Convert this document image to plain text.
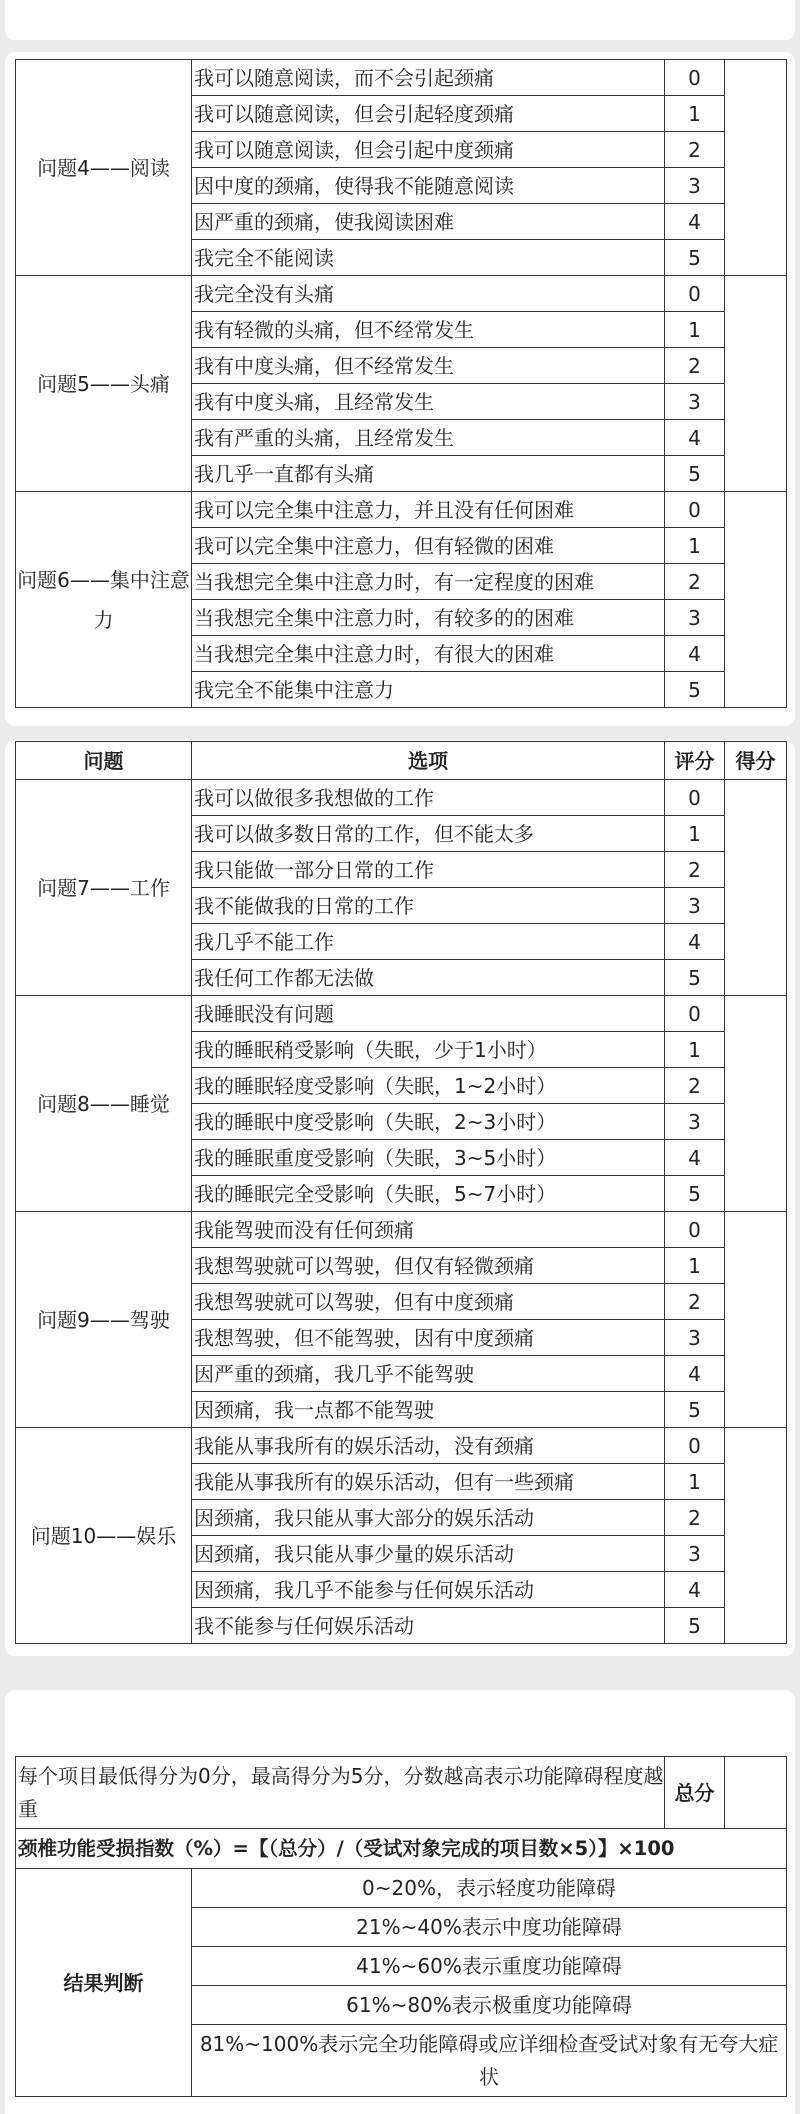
问题4——阅读	我可以随意阅读，而不会引起颈痛	0	
	我可以随意阅读，但会引起轻度颈痛	1	
	我可以随意阅读，但会引起中度颈痛	2	
	因中度的颈痛，使得我不能随意阅读	3	
	因严重的颈痛，使我阅读困难	4	
	我完全不能阅读	5	
问题5——头痛	我完全没有头痛	0	
	我有轻微的头痛，但不经常发生	1	
	我有中度头痛，但不经常发生	2	
	我有中度头痛，且经常发生	3	
	我有严重的头痛，且经常发生	4	
	我几乎一直都有头痛	5	
问题6——集中注意力	我可以完全集中注意力，并且没有任何困难	0	
	我可以完全集中注意力，但有轻微的困难	1	
	当我想完全集中注意力时，有一定程度的困难	2	
	当我想完全集中注意力时，有较多的的困难	3	
	当我想完全集中注意力时，有很大的困难	4	
	我完全不能集中注意力	5	
问题	选项	评分	得分
问题7——工作	我可以做很多我想做的工作	0	
	我可以做多数日常的工作，但不能太多	1	
	我只能做一部分日常的工作	2	
	我不能做我的日常的工作	3	
	我几乎不能工作	4	
	我任何工作都无法做	5	
问题8——睡觉	我睡眠没有问题	0	
	我的睡眠稍受影响（失眠，少于1小时）	1	
	我的睡眠轻度受影响（失眠，1~2小时）	2	
	我的睡眠中度受影响（失眠，2~3小时）	3	
	我的睡眠重度受影响（失眠，3~5小时）	4	
	我的睡眠完全受影响（失眠，5~7小时）	5	
问题9——驾驶	我能驾驶而没有任何颈痛	0	
	我想驾驶就可以驾驶，但仅有轻微颈痛	1	
	我想驾驶就可以驾驶，但有中度颈痛	2	
	我想驾驶，但不能驾驶，因有中度颈痛	3	
	因严重的颈痛，我几乎不能驾驶	4	
	因颈痛，我一点都不能驾驶	5	
问题10——娱乐	我能从事我所有的娱乐活动，没有颈痛	0	
	我能从事我所有的娱乐活动，但有一些颈痛	1	
	因颈痛，我只能从事大部分的娱乐活动	2	
	因颈痛，我只能从事少量的娱乐活动	3	
	因颈痛，我几乎不能参与任何娱乐活动	4	
	我不能参与任何娱乐活动	5	
每个项目最低得分为0分，最高得分为5分，分数越高表示功能障碍程度越重		总分	
颈椎功能受损指数（%）=【（总分）/（受试对象完成的项目数×5）】×100			
结果判断	0~20%，表示轻度功能障碍		
	21%~40%表示中度功能障碍		
	41%~60%表示重度功能障碍		
	61%~80%表示极重度功能障碍		
	81%~100%表示完全功能障碍或应详细检查受试对象有无夸大症状		
